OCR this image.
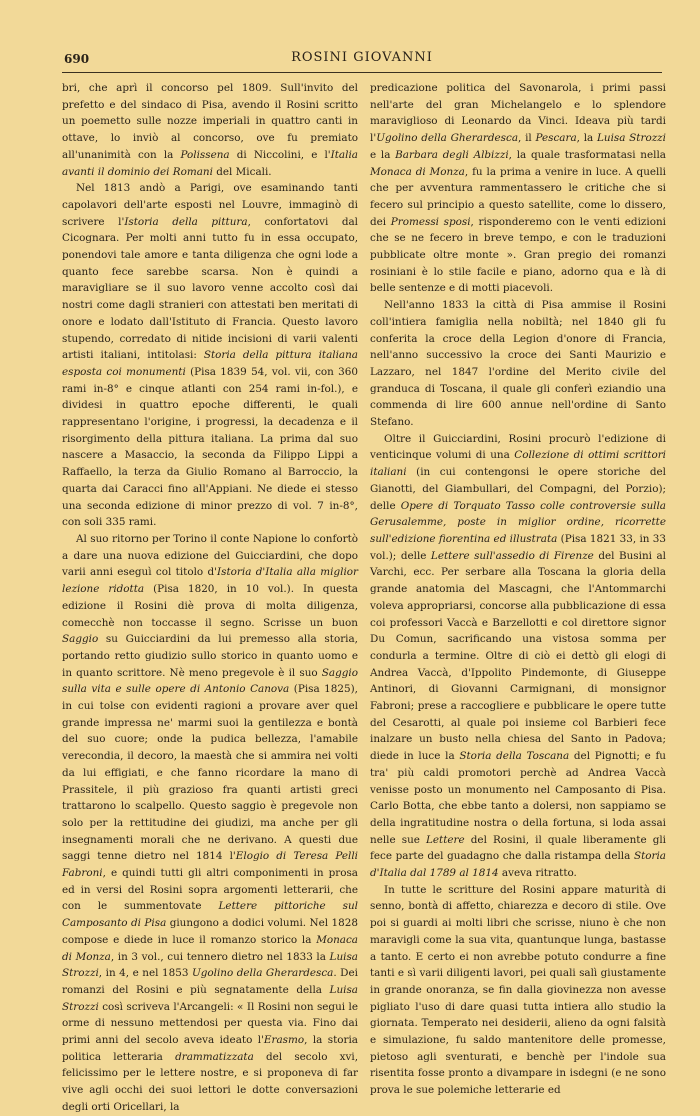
690	ROSINI GIOVANNI

bri, che aprì il concorso pel 1809. Sull'invito del prefetto e del sindaco di Pisa, avendo il Rosini scritto un poemetto sulle nozze imperiali in quattro canti in ottave, lo inviò al concorso, ove fu premiato all'unanimità con la Polissena di Niccolini, e l'Italia avanti il dominio dei Romani del Micali.

Nel 1813 andò a Parigi, ove esaminando tanti capolavori dell'arte esposti nel Louvre, immaginò di scrivere l'Istoria della pittura, confortatovi dal Cicognara. Per molti anni tutto fu in essa occupato, ponendovi tale amore e tanta diligenza che ogni lode a quanto fece sarebbe scarsa. Non è quindi a maravigliare se il suo lavoro venne accolto così dai nostri come dagli stranieri con attestati ben meritati di onore e lodato dall'Istituto di Francia. Questo lavoro stupendo, corredato di nitide incisioni di varii valenti artisti italiani, intitolasi: Storia della pittura italiana esposta coi monumenti (Pisa 1839 54, vol. vii, con 360 rami in-8° e cinque atlanti con 254 rami in-fol.), e dividesi in quattro epoche differenti, le quali rappresentano l'origine, i progressi, la decadenza e il risorgimento della pittura italiana. La prima dal suo nascere a Masaccio, la seconda da Filippo Lippi a Raffaello, la terza da Giulio Romano al Barroccio, la quarta dai Caracci fino all'Appiani. Ne diede ei stesso una seconda edizione di minor prezzo di vol. 7 in-8°, con soli 335 rami.

Al suo ritorno per Torino il conte Napione lo confortò a dare una nuova edizione del Guicciardini, che dopo varii anni eseguì col titolo d'Istoria d'Italia alla miglior lezione ridotta (Pisa 1820, in 10 vol.). In questa edizione il Rosini diè prova di molta diligenza, comecchè non toccasse il segno. Scrisse un buon Saggio su Guicciardini da lui premesso alla storia, portando retto giudizio sullo storico in quanto uomo e in quanto scrittore. Nè meno pregevole è il suo Saggio sulla vita e sulle opere di Antonio Canova (Pisa 1825), in cui tolse con evidenti ragioni a provare aver quel grande impressa ne' marmi suoi la gentilezza e bontà del suo cuore; onde la pudica bellezza, l'amabile verecondia, il decoro, la maestà che si ammira nei volti da lui effigiati, e che fanno ricordare la mano di Prassitele, il più grazioso fra quanti artisti greci trattarono lo scalpello. Questo saggio è pregevole non solo per la rettitudine dei giudizi, ma anche per gli insegnamenti morali che ne derivano. A questi due saggi tenne dietro nel 1814 l'Elogio di Teresa Pelli Fabroni, e quindi tutti gli altri componimenti in prosa ed in versi del Rosini sopra argomenti letterarii, che con le summentovate Lettere pittoriche sul Camposanto di Pisa giungono a dodici volumi. Nel 1828 compose e diede in luce il romanzo storico la Monaca di Monza, in 3 vol., cui tennero dietro nel 1833 la Luisa Strozzi, in 4, e nel 1853 Ugolino della Gherardesca. Dei romanzi del Rosini e più segnatamente della Luisa Strozzi così scriveva l'Arcangeli: « Il Rosini non segui le orme di nessuno mettendosi per questa via. Fino dai primi anni del secolo aveva ideato l'Erasmo, la storia politica letteraria drammatizzata del secolo xvi, felicissimo per le lettere nostre, e si proponeva di far vive agli occhi dei suoi lettori le dotte conversazioni degli orti Oricellari, la

predicazione politica del Savonarola, i primi passi nell'arte del gran Michelangelo e lo splendore maraviglioso di Leonardo da Vinci. Ideava più tardi l'Ugolino della Gherardesca, il Pescara, la Luisa Strozzi e la Barbara degli Albizzi, la quale trasformatasi nella Monaca di Monza, fu la prima a venire in luce. A quelli che per avventura rammentassero le critiche che si fecero sul principio a questo satellite, come lo dissero, dei Promessi sposi, risponderemo con le venti edizioni che se ne fecero in breve tempo, e con le traduzioni pubblicate oltre monte ». Gran pregio dei romanzi rosiniani è lo stile facile e piano, adorno qua e là di belle sentenze e di motti piacevoli.

Nell'anno 1833 la città di Pisa ammise il Rosini coll'intiera famiglia nella nobiltà; nel 1840 gli fu conferita la croce della Legion d'onore di Francia, nell'anno successivo la croce dei Santi Maurizio e Lazzaro, nel 1847 l'ordine del Merito civile del granduca di Toscana, il quale gli conferì eziandio una commenda di lire 600 annue nell'ordine di Santo Stefano.

Oltre il Guicciardini, Rosini procurò l'edizione di venticinque volumi di una Collezione di ottimi scrittori italiani (in cui contengonsi le opere storiche del Gianotti, del Giambullari, del Compagni, del Porzio); delle Opere di Torquato Tasso colle controversie sulla Gerusalemme, poste in miglior ordine, ricorrette sull'edizione fiorentina ed illustrata (Pisa 1821 33, in 33 vol.); delle Lettere sull'assedio di Firenze del Busini al Varchi, ecc. Per serbare alla Toscana la gloria della grande anatomia del Mascagni, che l'Antommarchi voleva appropriarsi, concorse alla pubblicazione di essa coi professori Vaccà e Barzellotti e col direttore signor Du Comun, sacrificando una vistosa somma per condurla a termine. Oltre di ciò ei dettò gli elogi di Andrea Vaccà, d'Ippolito Pindemonte, di Giuseppe Antinori, di Giovanni Carmignani, di monsignor Fabroni; prese a raccogliere e pubblicare le opere tutte del Cesarotti, al quale poi insieme col Barbieri fece inalzare un busto nella chiesa del Santo in Padova; diede in luce la Storia della Toscana del Pignotti; e fu tra' più caldi promotori perchè ad Andrea Vaccà venisse posto un monumento nel Camposanto di Pisa. Carlo Botta, che ebbe tanto a dolersi, non sappiamo se della ingratitudine nostra o della fortuna, si loda assai nelle sue Lettere del Rosini, il quale liberamente gli fece parte del guadagno che dalla ristampa della Storia d'Italia dal 1789 al 1814 aveva ritratto.

In tutte le scritture del Rosini appare maturità di senno, bontà di affetto, chiarezza e decoro di stile. Ove poi si guardi ai molti libri che scrisse, niuno è che non maravigli come la sua vita, quantunque lunga, bastasse a tanto. E certo ei non avrebbe potuto condurre a fine tanti e sì varii diligenti lavori, pei quali salì giustamente in grande onoranza, se fin dalla giovinezza non avesse pigliato l'uso di dare quasi tutta intiera allo studio la giornata. Temperato nei desiderii, alieno da ogni falsità e simulazione, fu saldo mantenitore delle promesse, pietoso agli sventurati, e benchè per l'indole sua risentita fosse pronto a divampare in isdegni (e ne sono prova le sue polemiche letterarie ed
